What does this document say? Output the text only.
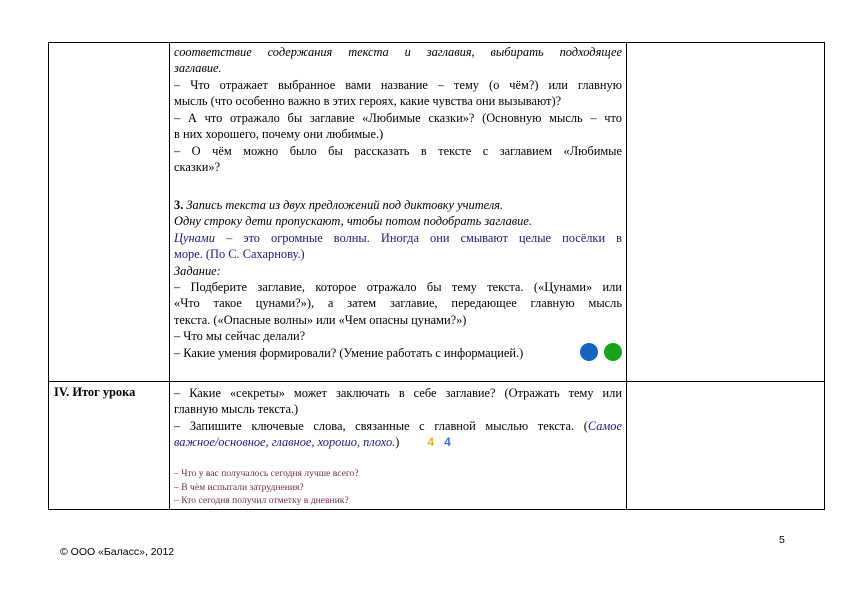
соответствие содержания текста и заглавия, выбирать подходящее
заглавие.
– Что отражает выбранное вами название – тему (о чём?) или главную
мысль (что особенно важно в этих героях, какие чувства они вызывают)?
– А что отражало бы заглавие «Любимые сказки»? (Основную мысль – что
в них хорошего, почему они любимые.)
– О чём можно было бы рассказать в тексте с заглавием «Любимые
сказки»?
3. Запись текста из двух предложений под диктовку учителя.
Одну строку дети пропускают, чтобы потом подобрать заглавие.
Цунами – это огромные волны. Иногда они смывают целые посёлки в
море. (По С. Сахарнову.)
Задание:
– Подберите заглавие, которое отражало бы тему текста. («Цунами» или
«Что такое цунами?»), а затем заглавие, передающее главную мысль
текста. («Опасные волны» или «Чем опасны цунами?»)
– Что мы сейчас делали?
– Какие умения формировали? (Умение работать с информацией.)
IV. Итог урока	– Какие «секреты» может заключать в себе заглавие? (Отражать тему или
главную мысль текста.)
– Запишите ключевые слова, связанные с главной мыслью текста. (Самое
важное/основное, главное, хорошо, плохо.) 4 4
– Что у вас получалось сегодня лучше всего?
– В чём испытали затруднения?
– Кто сегодня получил отметку в дневник?
5
© ООО «Баласс», 2012
